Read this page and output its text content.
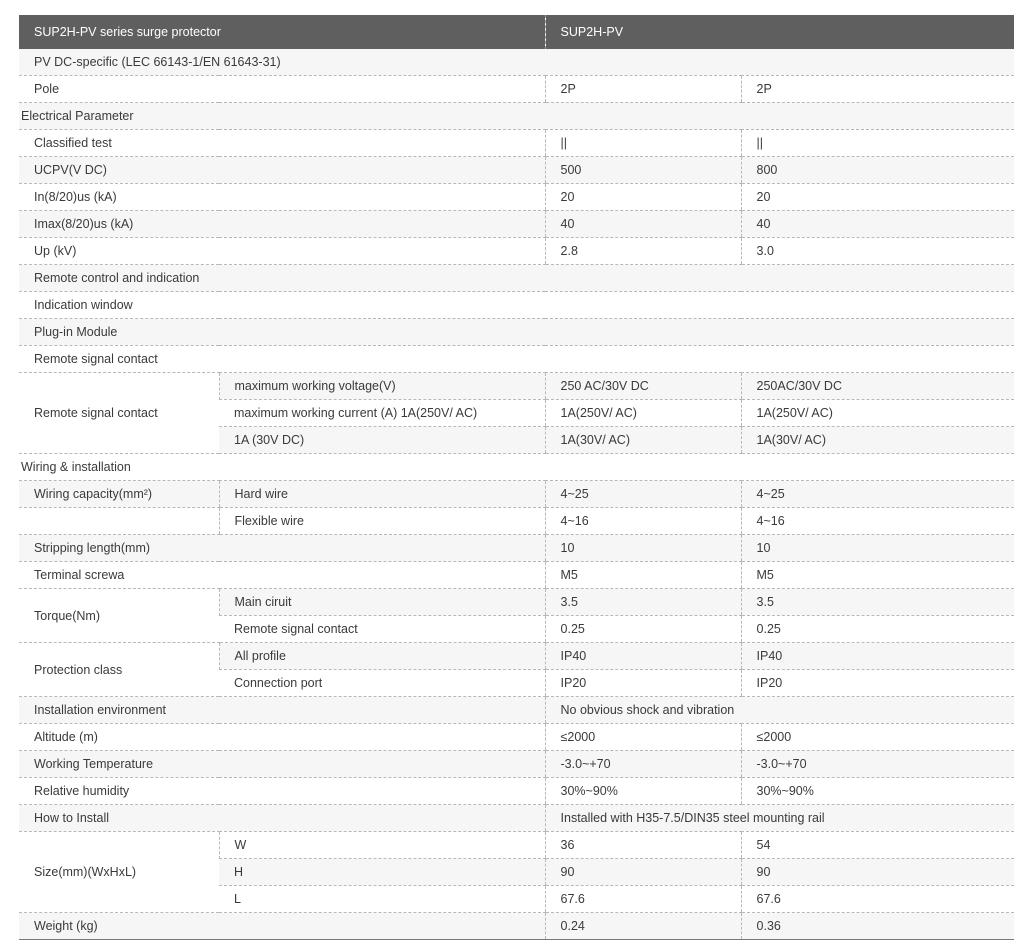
SUP2H-PV series surge protector		SUP2H-PV	
PV DC-specific (LEC 66143-1/EN 61643-31)			
Pole		2P	2P
Electrical Parameter			
Classified test		||	||
UCPV(V DC)		500	800
In(8/20)us (kA)		20	20
Imax(8/20)us (kA)		40	40
Up (kV)		2.8	3.0
Remote control and indication			
Indication window			
Plug-in Module			
Remote signal contact			
Remote signal contact	maximum working voltage(V)	250 AC/30V DC	250AC/30V DC
	maximum working current (A) 1A(250V/ AC)	1A(250V/ AC)	1A(250V/ AC)
	1A (30V DC)	1A(30V/ AC)	1A(30V/ AC)
Wiring & installation			
Wiring capacity(mm²)	Hard wire	4~25	4~25
	Flexible wire	4~16	4~16
Stripping length(mm)		10	10
Terminal screwa		M5	M5
Torque(Nm)	Main ciruit	3.5	3.5
	Remote signal contact	0.25	0.25
Protection class	All profile	IP40	IP40
	Connection port	IP20	IP20
Installation environment		No obvious shock and vibration	
Altitude (m)		≤2000	≤2000
Working Temperature		-3.0~+70	-3.0~+70
Relative humidity		30%~90%	30%~90%
How to Install		Installed with H35-7.5/DIN35 steel mounting rail	
Size(mm)(WxHxL)	W	36	54
	H	90	90
	L	67.6	67.6
Weight (kg)		0.24	0.36
